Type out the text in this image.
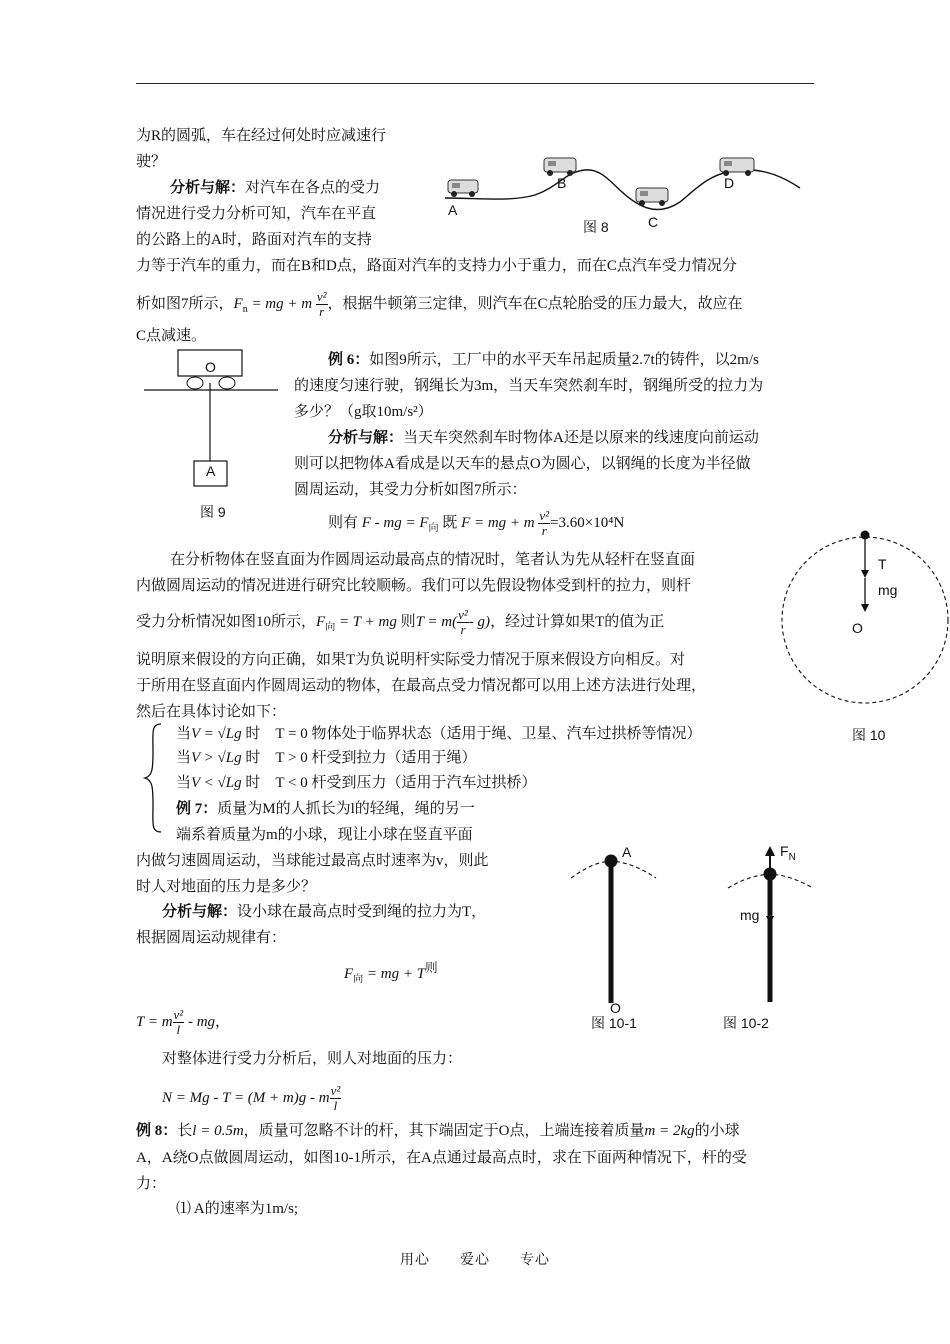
为R的圆弧，车在经过何处时应减速行
驶？
分析与解：对汽车在各点的受力
情况进行受力分析可知，汽车在平直
的公路上的A时，路面对汽车的支持
力等于汽车的重力，而在B和D点，路面对汽车的支持力小于重力，而在C点汽车受力情况分
析如图7所示，$F_n$ = mg + m $\frac{\text{v²}}{r}$ ，根据牛顿第三定律，则汽车在C点轮胎受的压力最大，故应在
C点减速。
A
B
C
D
图 8
O
A
图 9
例 6：如图9所示，工厂中的水平天车吊起质量2.7t的铸件，以2m/s
的速度匀速行驶，钢绳长为3m，当天车突然刹车时，钢绳所受的拉力为
多少？（g取10m/s²）
分析与解：当天车突然刹车时物体A还是以原来的线速度向前运动
则可以把物体A看成是以天车的悬点O为圆心，以钢绳的长度为半径做
圆周运动，其受力分析如图7所示：
则有 F - mg = $F_向$ 既 F = mg + m $\frac{\text{v²}}{r} =3.60\times 10^4N$
T
mg
O
图 10
在分析物体在竖直面为作圆周运动最高点的情况时，笔者认为先从轻杆在竖直面
内做圆周运动的情况进进行研究比较顺畅。我们可以先假设物体受到杆的拉力，则杆
受力分析情况如图10所示，$F_向 = T$ + mg 则$T = m( \frac{\text{v²}}{r} - g)$，经过计算如果T的值为正
说明原来假设的方向正确，如果T为负说明杆实际受力情况于原来假设方向相反。对
于所用在竖直面内作圆周运动的物体，在最高点受力情况都可以用上述方法进行处理，
然后在具体讨论如下：
当V = √Lg 时　 T = 0 物体处于临界状态（适用于绳、卫星、汽车过拱桥等情况）
当V > √Lg 时　 T > 0 杆受到拉力（适用于绳）
当V < √Lg 时　 T < 0 杆受到压力（适用于汽车过拱桥）
例 7：质量为M的人抓长为l的轻绳，绳的另一
端系着质量为m的小球，现让小球在竖直平面
内做匀速圆周运动，当球能过最高点时速率为v，则此
时人对地面的压力是多少？
分析与解：设小球在最高点时受到绳的拉力为T，
根据圆周运动规律有：
$F_向$ = mg + $T^则$
T = m $\frac{\text{v²}}{l}$ - mg，
对整体进行受力分析后，则人对地面的压力：
N = Mg - T = (M + m)g - m $\frac{\text{v²}}{l}$
A
O
图 10-1
$F_N$
mg
图 10-2
例 8：长l = 0.5m，质量可忽略不计的杆，其下端固定于O点，上端连接着质量m = 2kg的小球
A，A绕O点做圆周运动，如图10-1所示，在A点通过最高点时，求在下面两种情况下，杆的受
力：
⑴ A的速率为1m/s;
用心　　爱心　　专心
